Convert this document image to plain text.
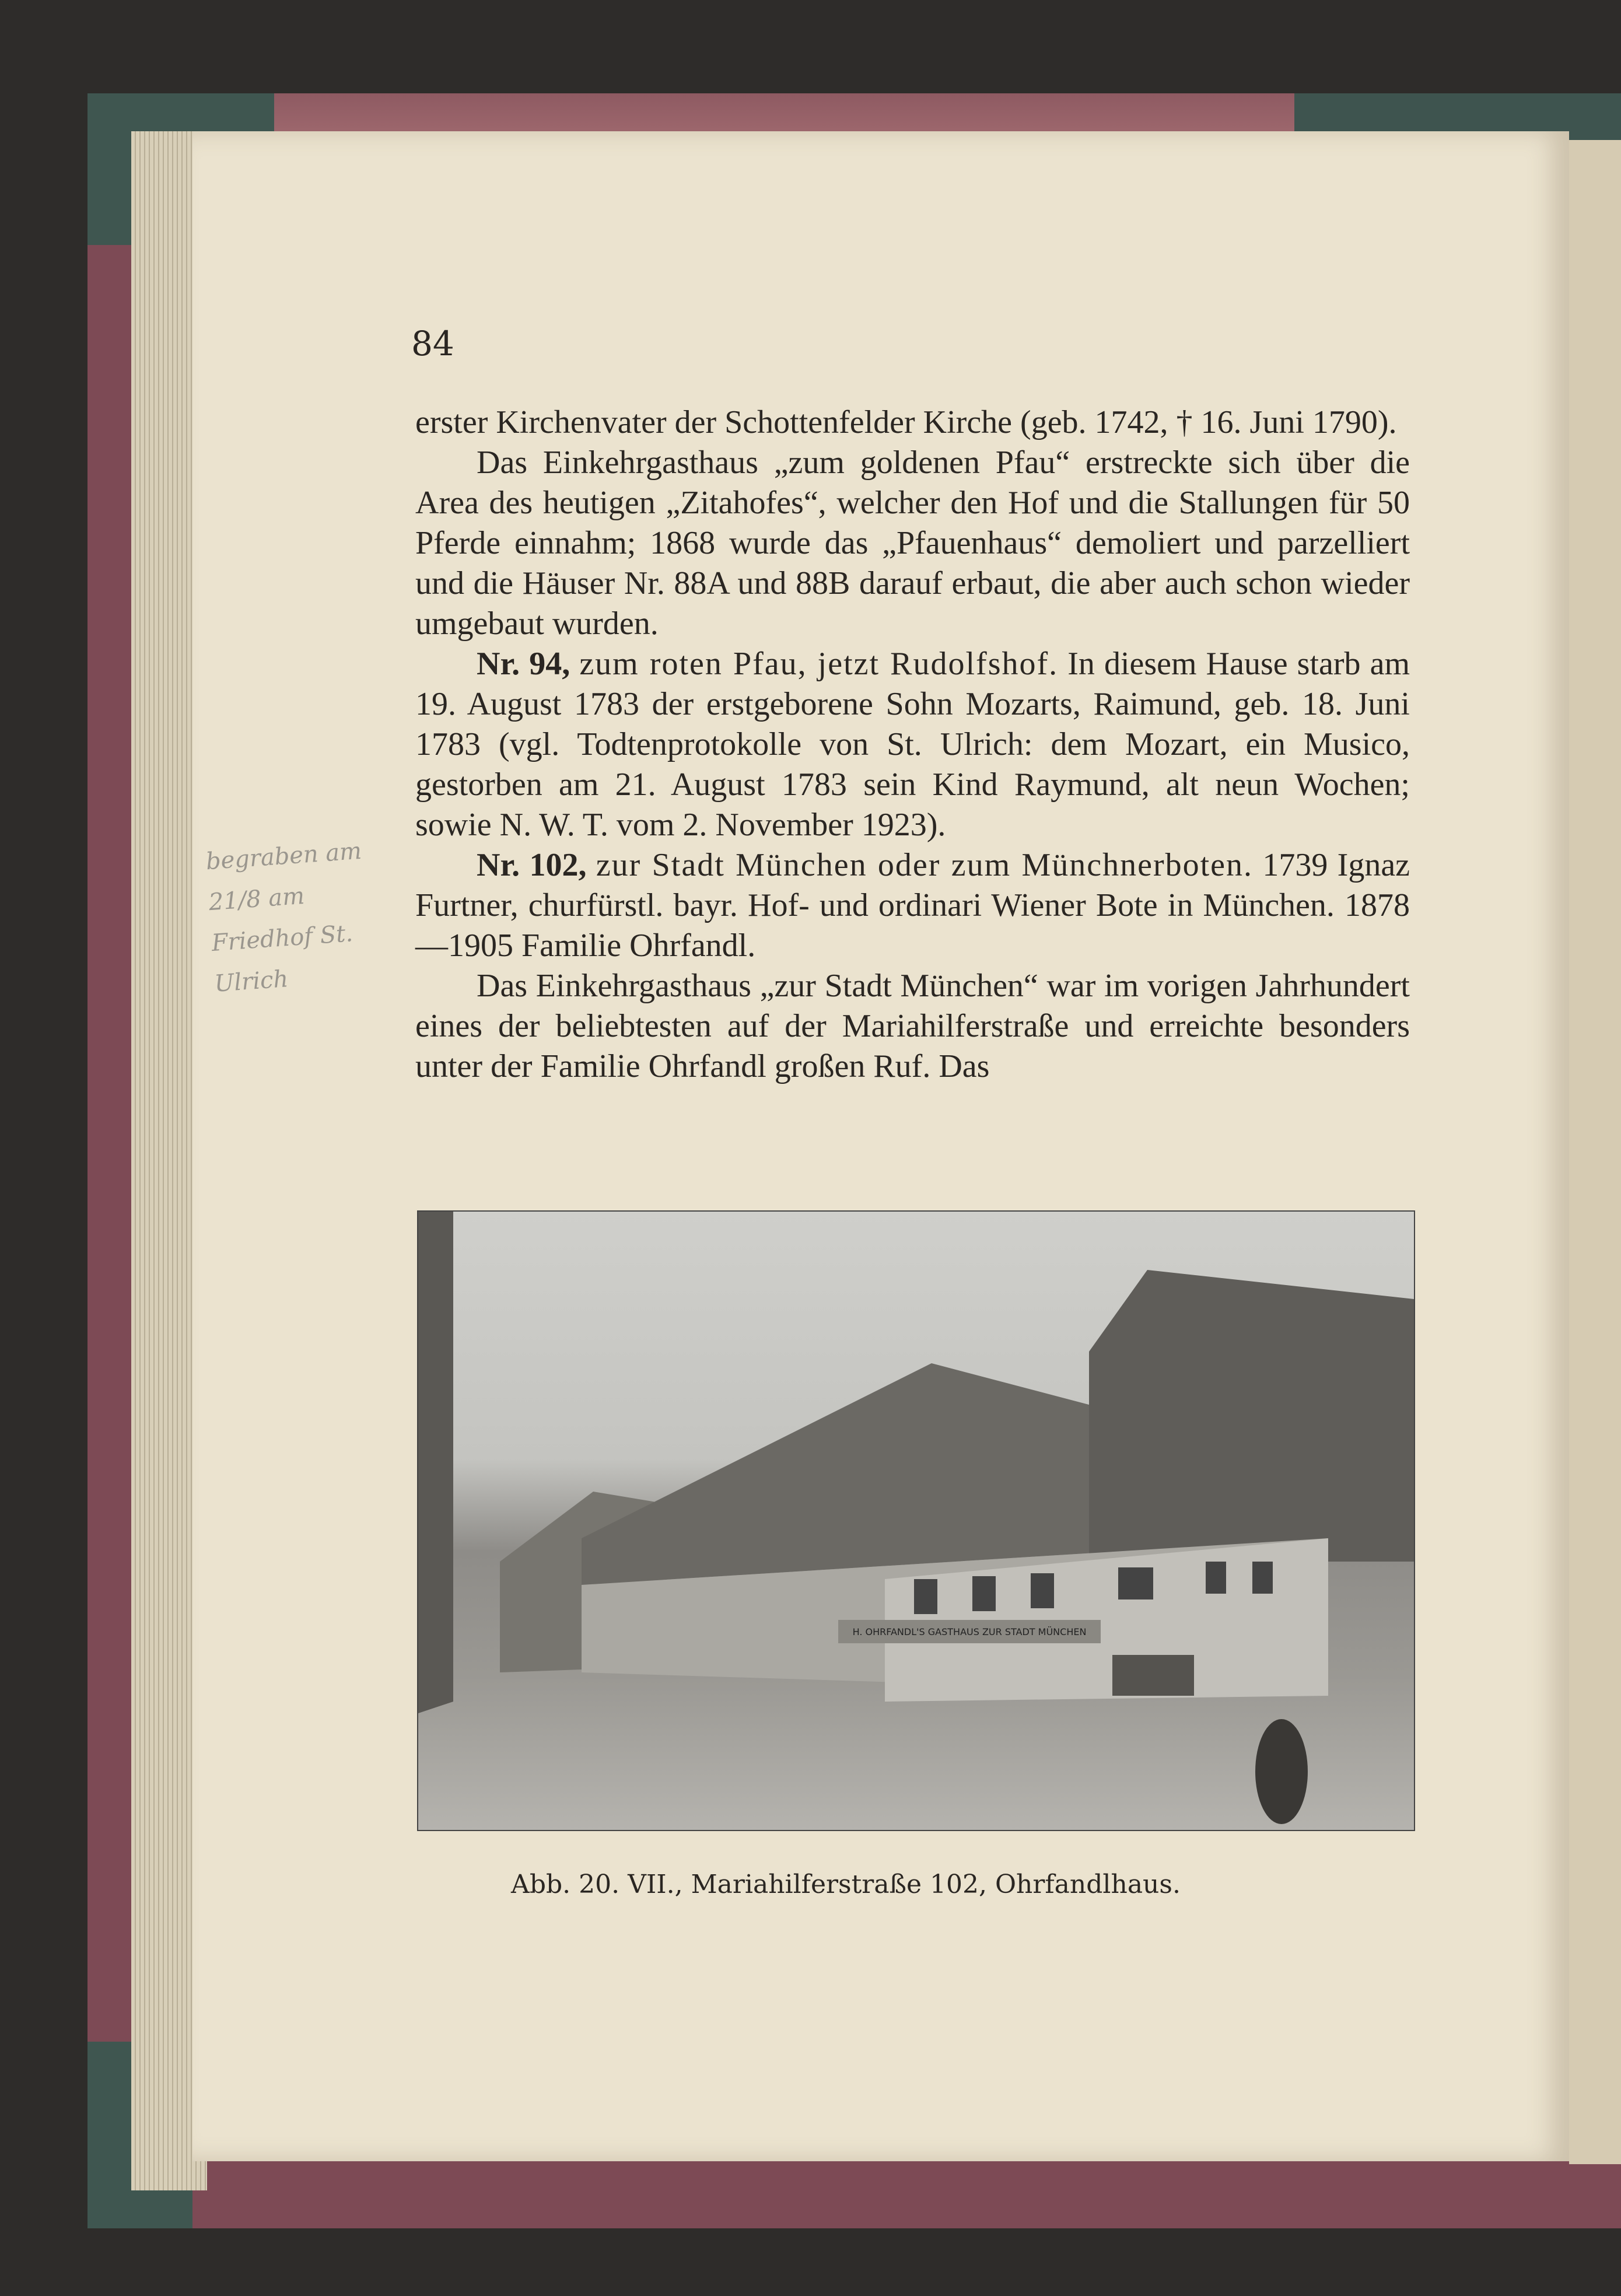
84
begraben am 21/8 am Friedhof St. Ulrich

erster Kirchenvater der Schottenfelder Kirche (geb. 1742, † 16. Juni 1790).

Das Einkehrgasthaus „zum goldenen Pfau“ erstreckte sich über die Area des heutigen „Zitahofes“, welcher den Hof und die Stallungen für 50 Pferde einnahm; 1868 wurde das „Pfauenhaus“ demoliert und parzelliert und die Häuser Nr. 88A und 88B darauf erbaut, die aber auch schon wieder umgebaut wurden.

Nr. 94, zum roten Pfau, jetzt Rudolfshof. In diesem Hause starb am 19. August 1783 der erstgeborene Sohn Mozarts, Raimund, geb. 18. Juni 1783 (vgl. Todtenprotokolle von St. Ulrich: dem Mozart, ein Musico, gestorben am 21. August 1783 sein Kind Raymund, alt neun Wochen; sowie N. W. T. vom 2. November 1923).

Nr. 102, zur Stadt München oder zum Münchnerboten. 1739 Ignaz Furtner, churfürstl. bayr. Hof- und ordinari Wiener Bote in München. 1878—1905 Familie Ohrfandl.

Das Einkehrgasthaus „zur Stadt München“ war im vorigen Jahrhundert eines der beliebtesten auf der Mariahilferstraße und erreichte besonders unter der Familie Ohrfandl großen Ruf. Das

H. OHRFANDL'S GASTHAUS ZUR STADT MÜNCHEN
Abb. 20. VII., Mariahilferstraße 102, Ohrfandlhaus.
